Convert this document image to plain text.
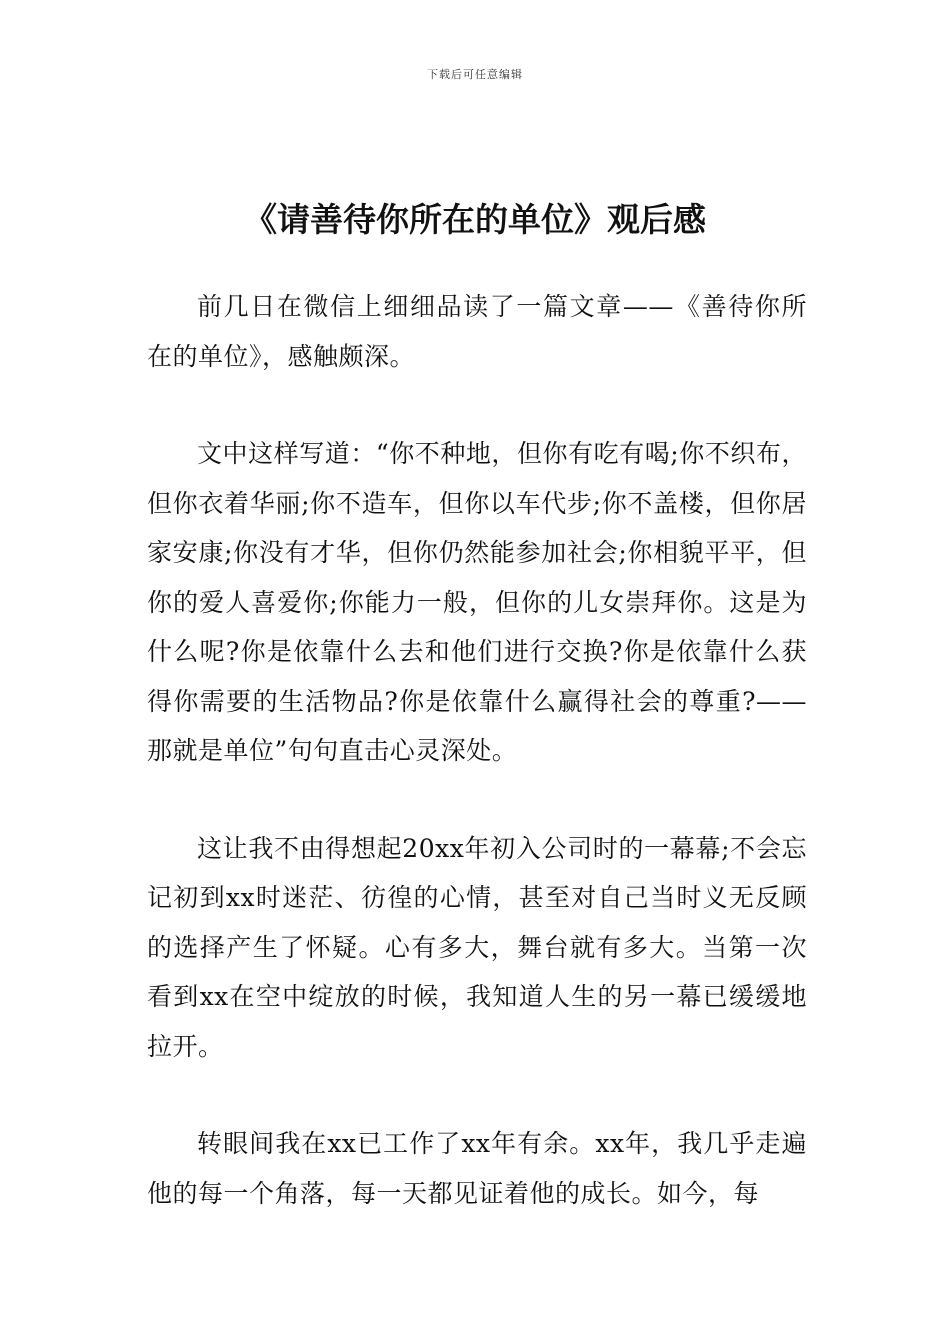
下载后可任意编辑
《请善待你所在的单位》观后感

前几日在微信上细细品读了一篇文章——《善待你所在的单位》，感触颇深。

文中这样写道：“你不种地，但你有吃有喝;你不织布，但你衣着华丽;你不造车，但你以车代步;你不盖楼，但你居家安康;你没有才华，但你仍然能参加社会;你相貌平平，但你的爱人喜爱你;你能力一般，但你的儿女崇拜你。这是为什么呢?你是依靠什么去和他们进行交换?你是依靠什么获得你需要的生活物品?你是依靠什么赢得社会的尊重?——那就是单位”句句直击心灵深处。

这让我不由得想起20xx年初入公司时的一幕幕;不会忘记初到xx时迷茫、彷徨的心情，甚至对自己当时义无反顾的选择产生了怀疑。心有多大，舞台就有多大。当第一次看到xx在空中绽放的时候，我知道人生的另一幕已缓缓地拉开。

转眼间我在xx已工作了xx年有余。xx年，我几乎走遍他的每一个角落，每一天都见证着他的成长。如今，每
